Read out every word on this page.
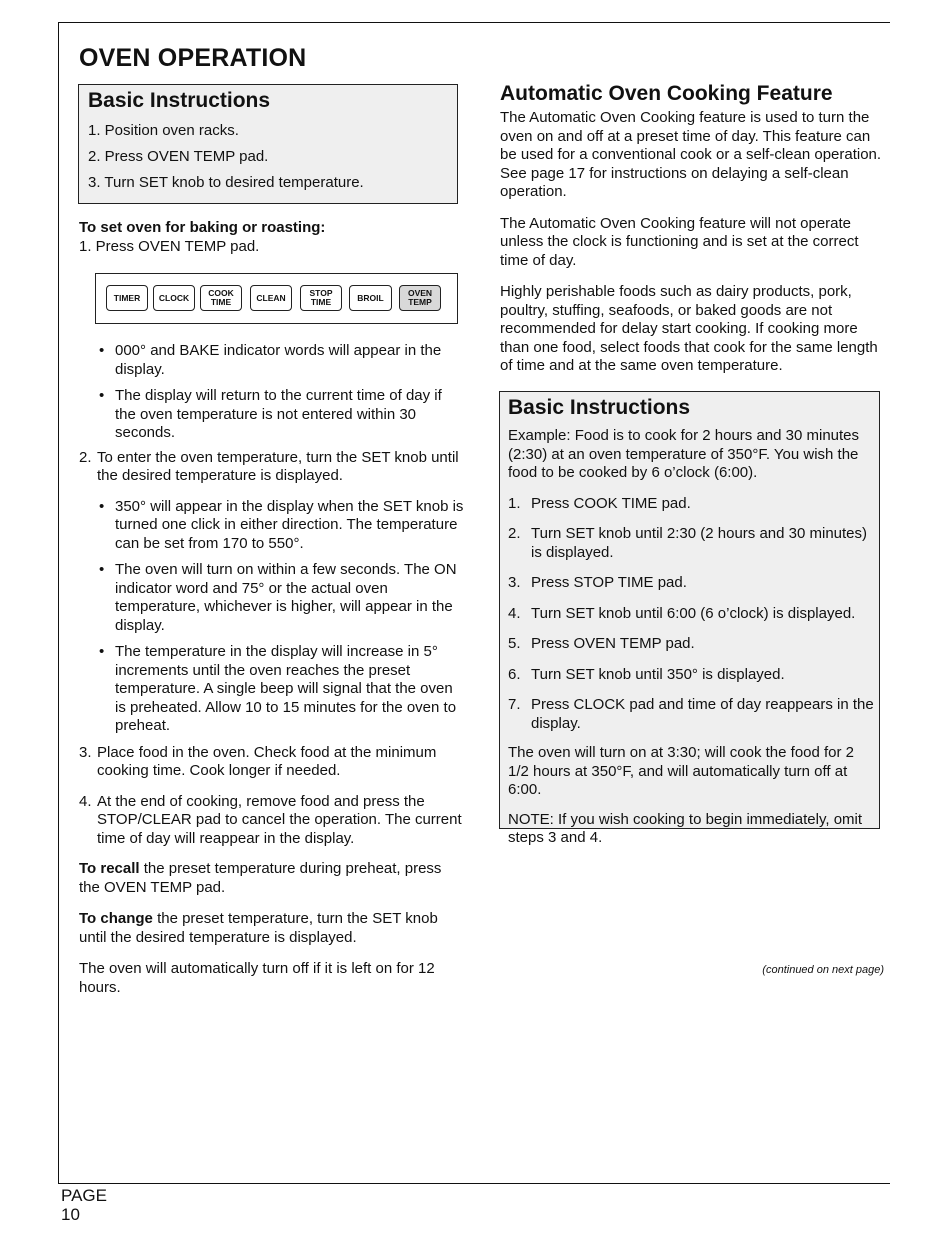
OVEN OPERATION
Basic Instructions

1. Position oven racks.

2. Press OVEN TEMP pad.

3. Turn SET knob to desired temperature.

To set oven for baking or roasting:

1. Press OVEN TEMP pad.

TIMER	CLOCK	COOK TIME	CLEAN	STOP TIME	BROIL	OVEN TEMP
• 000° and BAKE indicator words will appear in the display.
• The display will return to the current time of day if the oven temperature is not entered within 30 seconds.
2. To enter the oven temperature, turn the SET knob until the desired temperature is displayed.
• 350° will appear in the display when the SET knob is turned one click in either direction. The temperature can be set from 170 to 550°.
• The oven will turn on within a few seconds. The ON indicator word and 75° or the actual oven temperature, whichever is higher, will appear in the display.
• The temperature in the display will increase in 5° increments until the oven reaches the preset temperature. A single beep will signal that the oven is preheated. Allow 10 to 15 minutes for the oven to preheat.
3. Place food in the oven. Check food at the minimum cooking time. Cook longer if needed.
4. At the end of cooking, remove food and press the STOP/CLEAR pad to cancel the operation. The current time of day will reappear in the display.

To recall the preset temperature during preheat, press the OVEN TEMP pad.

To change the preset temperature, turn the SET knob until the desired temperature is displayed.

The oven will automatically turn off if it is left on for 12 hours.

Automatic Oven Cooking Feature

The Automatic Oven Cooking feature is used to turn the oven on and off at a preset time of day. This feature can be used for a conventional cook or a self-clean operation. See page 17 for instructions on delaying a self-clean operation.

The Automatic Oven Cooking feature will not operate unless the clock is functioning and is set at the correct time of day.

Highly perishable foods such as dairy products, pork, poultry, stuffing, seafoods, or baked goods are not recommended for delay start cooking. If cooking more than one food, select foods that cook for the same length of time and at the same oven temperature.

Basic Instructions

Example: Food is to cook for 2 hours and 30 minutes (2:30) at an oven temperature of 350°F. You wish the food to be cooked by 6 o’clock (6:00).

1. Press COOK TIME pad.
2. Turn SET knob until 2:30 (2 hours and 30 minutes) is displayed.
3. Press STOP TIME pad.
4. Turn SET knob until 6:00 (6 o’clock) is displayed.
5. Press OVEN TEMP pad.
6. Turn SET knob until 350° is displayed.
7. Press CLOCK pad and time of day reappears in the display.

The oven will turn on at 3:30; will cook the food for 2 1/2 hours at 350°F, and will automatically turn off at 6:00.

NOTE: If you wish cooking to begin immediately, omit steps 3 and 4.

(continued on next page)
PAGE
10
